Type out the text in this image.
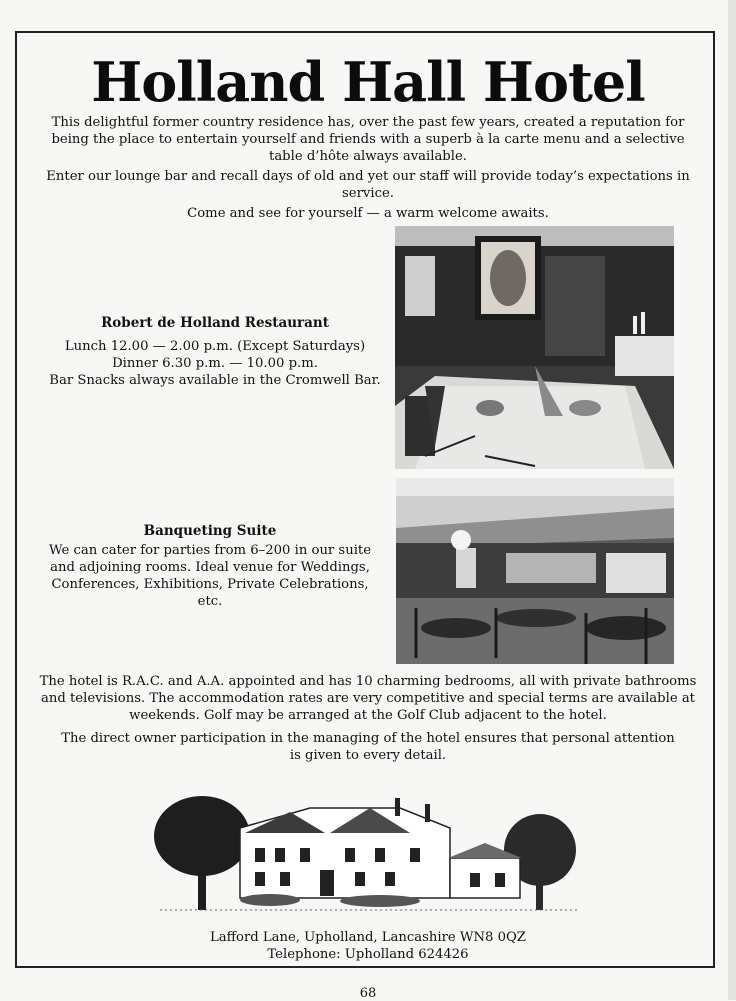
Holland Hall Hotel

This delightful former country residence has, over the past few years, created a reputation for being the place to entertain yourself and friends with a superb à la carte menu and a selective table d’hôte always available.

Enter our lounge bar and recall days of old and yet our staff will provide today’s expectations in service.

Come and see for yourself — a warm welcome awaits.

Robert de Holland Restaurant

Lunch 12.00 — 2.00 p.m. (Except Saturdays)

Dinner 6.30 p.m. — 10.00 p.m.

Bar Snacks always available in the Cromwell Bar.

Banqueting Suite

We can cater for parties from 6–200 in our suite and adjoining rooms. Ideal venue for Weddings, Conferences, Exhibitions, Private Celebrations, etc.

The hotel is R.A.C. and A.A. appointed and has 10 charming bedrooms, all with private bathrooms and televisions. The accommodation rates are very competitive and special terms are available at weekends. Golf may be arranged at the Golf Club adjacent to the hotel.

The direct owner participation in the managing of the hotel ensures that personal attention is given to every detail.

Lafford Lane, Upholland, Lancashire WN8 0QZ
Telephone: Upholland 624426
68
